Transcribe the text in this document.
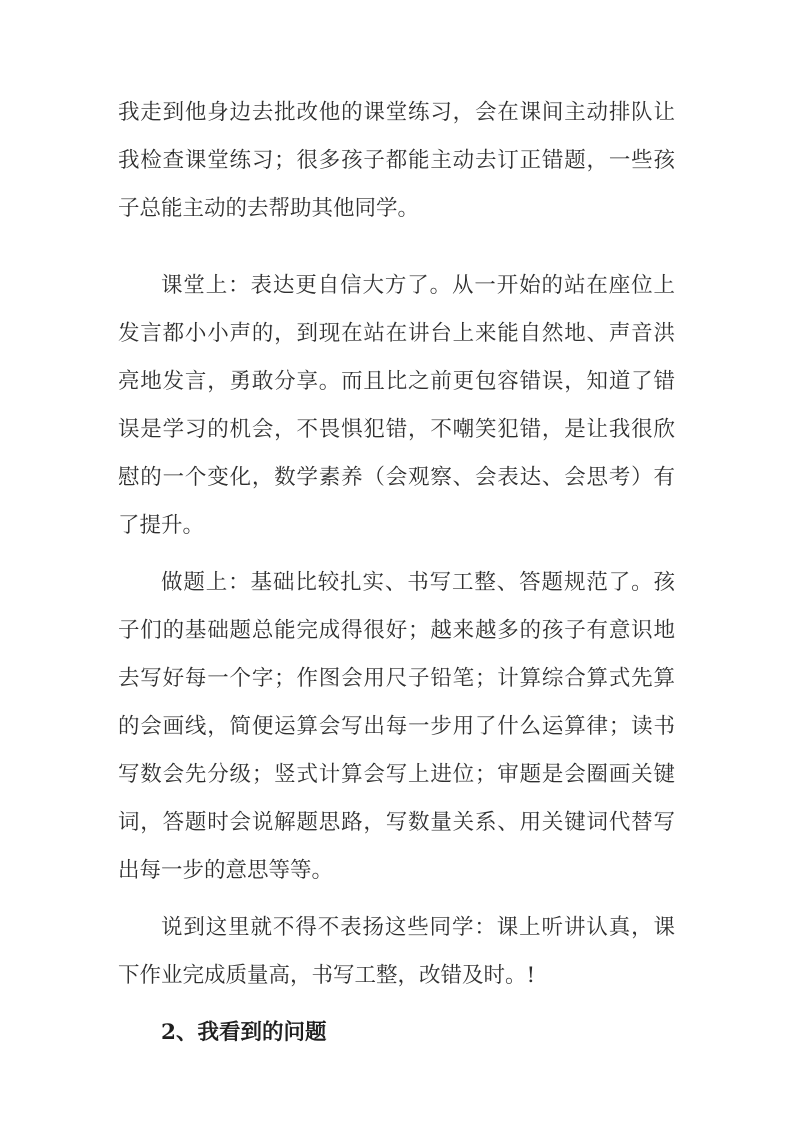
我走到他身边去批改他的课堂练习，会在课间主动排队让我检查课堂练习；很多孩子都能主动去订正错题，一些孩子总能主动的去帮助其他同学。

课堂上：表达更自信大方了。从一开始的站在座位上发言都小小声的，到现在站在讲台上来能自然地、声音洪亮地发言，勇敢分享。而且比之前更包容错误，知道了错误是学习的机会，不畏惧犯错，不嘲笑犯错，是让我很欣慰的一个变化，数学素养（会观察、会表达、会思考）有了提升。

做题上：基础比较扎实、书写工整、答题规范了。孩子们的基础题总能完成得很好；越来越多的孩子有意识地去写好每一个字；作图会用尺子铅笔；计算综合算式先算的会画线，简便运算会写出每一步用了什么运算律；读书写数会先分级；竖式计算会写上进位；审题是会圈画关键词，答题时会说解题思路，写数量关系、用关键词代替写出每一步的意思等等。

说到这里就不得不表扬这些同学：课上听讲认真，课下作业完成质量高，书写工整，改错及时。!

2、我看到的问题
